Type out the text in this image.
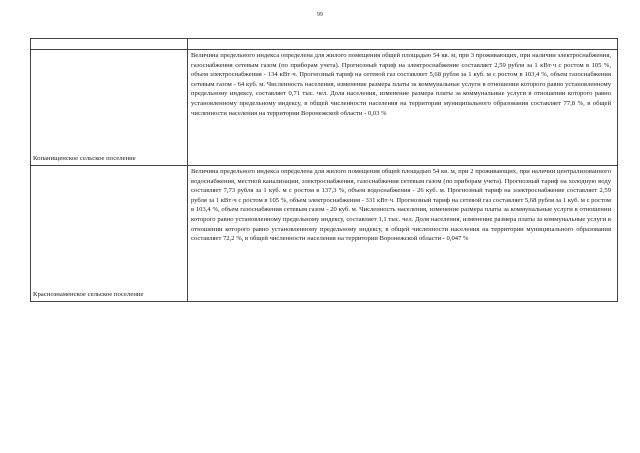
99

Копанищенское сельское поселение	Величина предельного индекса определена для жилого помещения общей площадью 54 кв. м, при 3 проживающих, при наличии электроснабжения, газоснабжения сетевым газом (по приборам учета). Прогнозный тариф на электроснабжение составляет 2,59 рубля за 1 кВт·ч с ростом в 105 %, объем электроснабжения - 134 кВт·ч. Прогнозный тариф на сетевой газ составляет 5,68 рубля за 1 куб. м с ростом в 103,4 %, объем газоснабжения сетевым газом - 64 куб. м. Численность населения, изменение размера платы за коммунальные услуги в отношении которого равно установленному предельному индексу, составляет 0,71 тыс. чел. Доля населения, изменение размера платы за коммунальные услуги в отношении которого равно установленному предельному индексу, в общей численности населения на территории муниципального образования составляет 77,8 %, в общей численности населения на территории Воронежской области - 0,03 %

Краснознаменское сельское поселение	Величина предельного индекса определена для жилого помещения общей площадью 54 кв. м, при 2 проживающих, при наличии централизованного водоснабжения, местной канализации, электроснабжения, газоснабжения сетевым газом (по приборам учета). Прогнозный тариф на холодную воду составляет 7,73 рубля за 1 куб. м с ростом в 137,3 %, объем водоснабжения - 26 куб. м. Прогнозный тариф на электроснабжение составляет 2,59 рубля за 1 кВт·ч с ростом в 105 %, объем электроснабжения - 331 кВт·ч. Прогнозный тариф на сетевой газ составляет 5,68 рубля за 1 куб. м с ростом в 103,4 %, объем газоснабжения сетевым газом - 20 куб. м. Численность населения, изменение размера платы за коммунальные услуги в отношении которого равно установленному предельному индексу, составляет 1,1 тыс. чел. Доля населения, изменение размера платы за коммунальные услуги в отношении которого равно установленному предельному индексу, в общей численности населения на территории муниципального образования составляет 72,2 %, в общей численности населения на территории Воронежской области - 0,047 %
